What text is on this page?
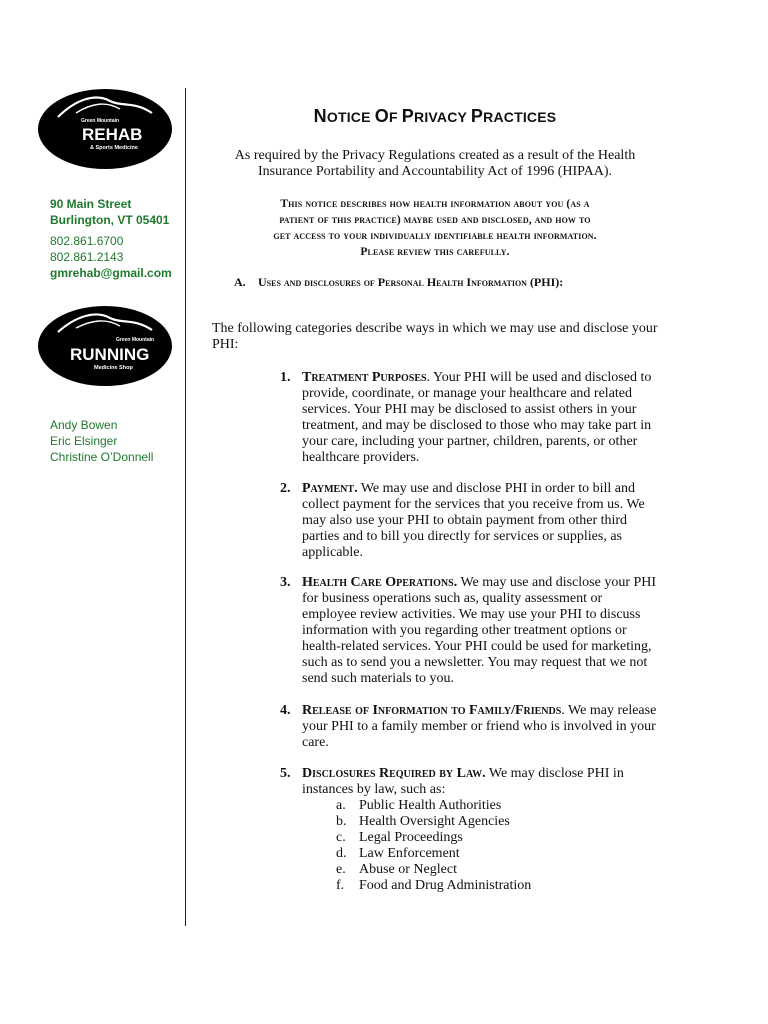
Green Mountain
REHAB
& Sports Medicine
90 Main Street
Burlington, VT 05401
802.861.6700
802.861.2143
gmrehab@gmail.com
Green Mountain
RUNNING
Medicine Shop
Andy Bowen
Eric Elsinger
Christine O’Donnell
NOTICE OF PRIVACY PRACTICES
As required by the Privacy Regulations created as a result of the Health Insurance Portability and Accountability Act of 1996 (HIPAA).
This notice describes how health information about you (as a
patient of this practice) maybe used and disclosed, and how to
get access to your individually identifiable health information.
Please review this carefully.
A. Uses and disclosures of Personal Health Information (PHI):
The following categories describe ways in which we may use and disclose your PHI:
1. Treatment Purposes. Your PHI will be used and disclosed to provide, coordinate, or manage your healthcare and related services. Your PHI may be disclosed to assist others in your treatment, and may be disclosed to those who may take part in your care, including your partner, children, parents, or other healthcare providers.
2. Payment. We may use and disclose PHI in order to bill and collect payment for the services that you receive from us. We may also use your PHI to obtain payment from other third parties and to bill you directly for services or supplies, as applicable.
3. Health Care Operations. We may use and disclose your PHI for business operations such as, quality assessment or employee review activities. We may use your PHI to discuss information with you regarding other treatment options or health-related services. Your PHI could be used for marketing, such as to send you a newsletter. You may request that we not send such materials to you.
4. Release of Information to Family/Friends. We may release your PHI to a family member or friend who is involved in your care.
5. Disclosures Required by Law. We may disclose PHI in instances by law, such as:
a. Public Health Authorities
b. Health Oversight Agencies
c. Legal Proceedings
d. Law Enforcement
e. Abuse or Neglect
f.	Food and Drug Administration
